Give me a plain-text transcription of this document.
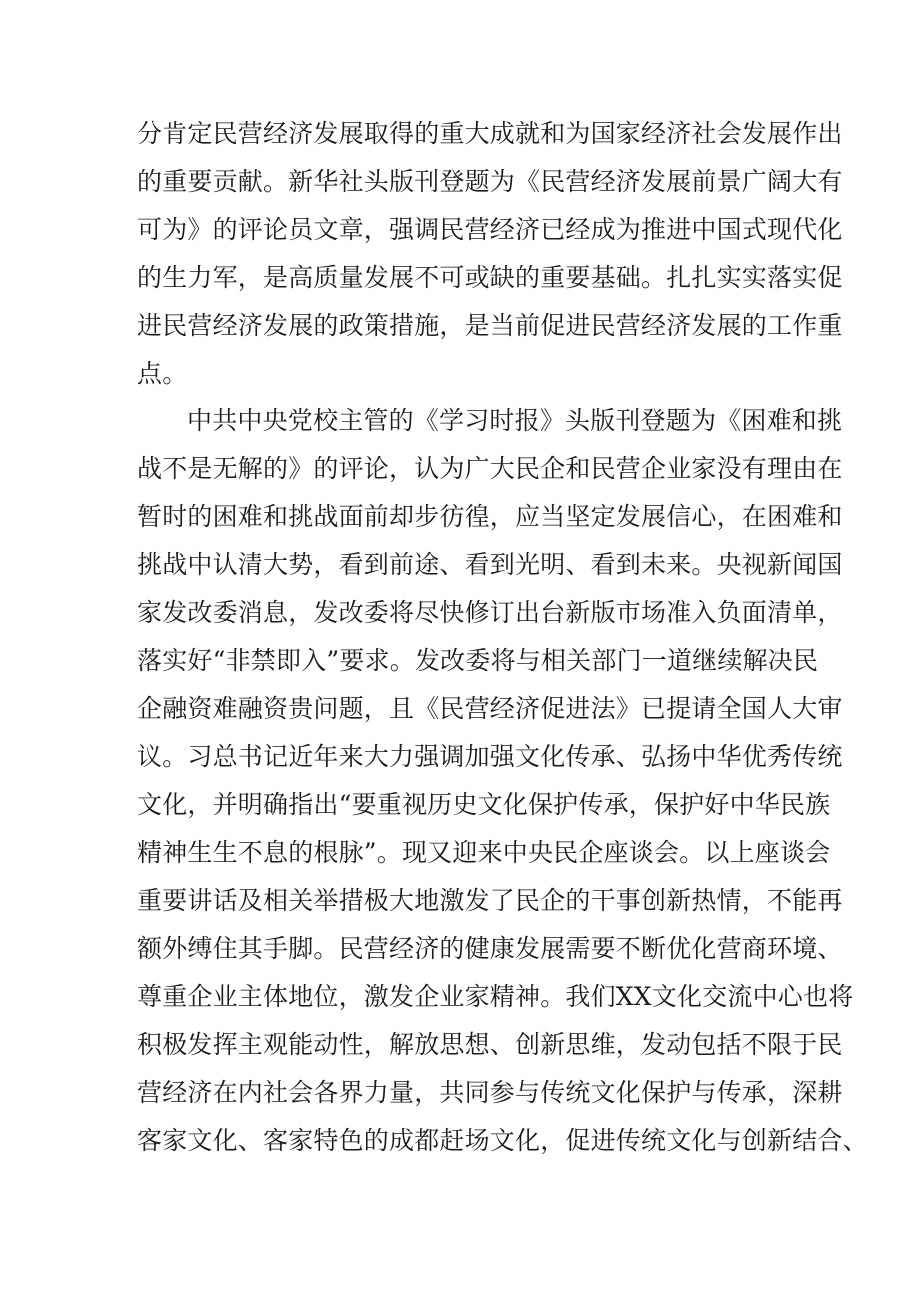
分肯定民营经济发展取得的重大成就和为国家经济社会发展作出
的重要贡献。新华社头版刊登题为《民营经济发展前景广阔大有
可为》的评论员文章，强调民营经济已经成为推进中国式现代化
的生力军，是高质量发展不可或缺的重要基础。扎扎实实落实促
进民营经济发展的政策措施，是当前促进民营经济发展的工作重
点。
中共中央党校主管的《学习时报》头版刊登题为《困难和挑
战不是无解的》的评论，认为广大民企和民营企业家没有理由在
暂时的困难和挑战面前却步彷徨，应当坚定发展信心，在困难和
挑战中认清大势，看到前途、看到光明、看到未来。央视新闻国
家发改委消息，发改委将尽快修订出台新版市场准入负面清单，
落实好“非禁即入”要求。发改委将与相关部门一道继续解决民
企融资难融资贵问题，且《民营经济促进法》已提请全国人大审
议。习总书记近年来大力强调加强文化传承、弘扬中华优秀传统
文化，并明确指出“要重视历史文化保护传承，保护好中华民族
精神生生不息的根脉”。现又迎来中央民企座谈会。以上座谈会
重要讲话及相关举措极大地激发了民企的干事创新热情，不能再
额外缚住其手脚。民营经济的健康发展需要不断优化营商环境、
尊重企业主体地位，激发企业家精神。我们XX文化交流中心也将
积极发挥主观能动性，解放思想、创新思维，发动包括不限于民
营经济在内社会各界力量，共同参与传统文化保护与传承，深耕
客家文化、客家特色的成都赶场文化，促进传统文化与创新结合、
